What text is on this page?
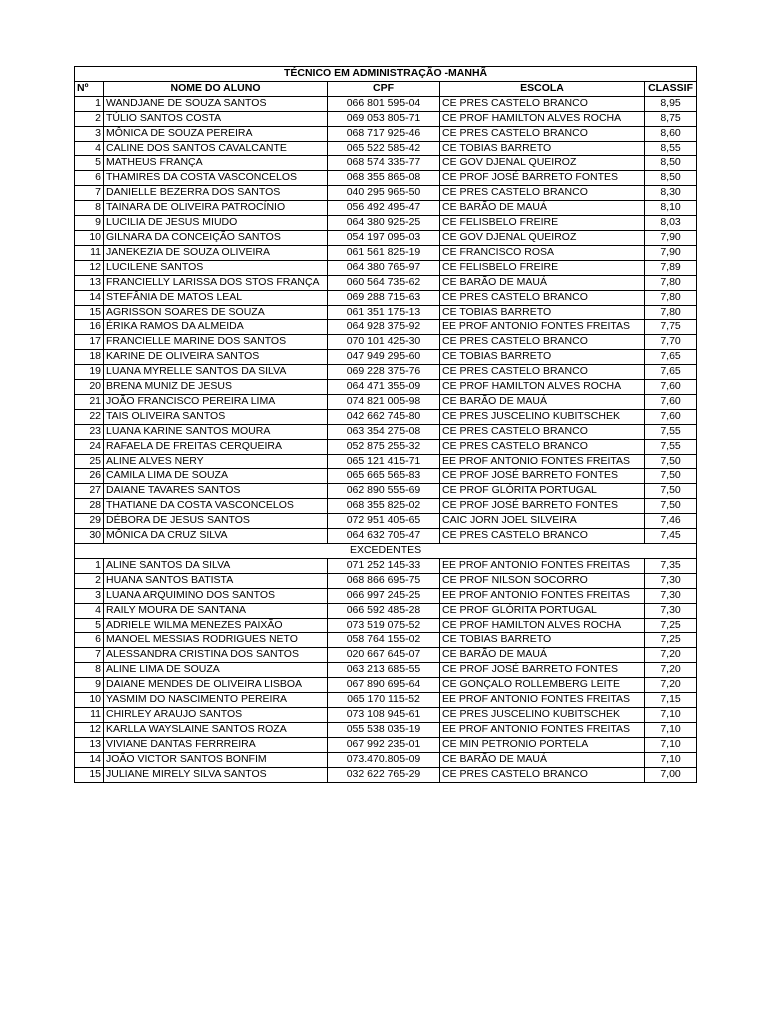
TÉCNICO EM ADMINISTRAÇÃO -MANHÃ				
Nº	NOME DO ALUNO	CPF	ESCOLA	CLASSIF
1	WANDJANE DE SOUZA SANTOS	066 801 595-04	CE PRES CASTELO BRANCO	8,95
2	TÚLIO SANTOS COSTA	069 053 805-71	CE PROF HAMILTON ALVES ROCHA	8,75
3	MÔNICA DE SOUZA PEREIRA	068 717 925-46	CE PRES CASTELO BRANCO	8,60
4	CALINE DOS SANTOS CAVALCANTE	065 522 585-42	CE TOBIAS BARRETO	8,55
5	MATHEUS FRANÇA	068 574 335-77	CE GOV DJENAL QUEIROZ	8,50
6	THAMIRES DA COSTA VASCONCELOS	068 355 865-08	CE PROF JOSÉ BARRETO FONTES	8,50
7	DANIELLE BEZERRA DOS SANTOS	040 295 965-50	CE PRES CASTELO BRANCO	8,30
8	TAINARA DE OLIVEIRA PATROCÍNIO	056 492 495-47	CE BARÃO DE MAUÁ	8,10
9	LUCILIA DE JESUS MIUDO	064 380 925-25	CE FELISBELO FREIRE	8,03
10	GILNARA DA CONCEIÇÃO SANTOS	054 197 095-03	CE GOV DJENAL QUEIROZ	7,90
11	JANEKEZIA DE SOUZA OLIVEIRA	061 561 825-19	CE FRANCISCO ROSA	7,90
12	LUCILENE SANTOS	064 380 765-97	CE FELISBELO FREIRE	7,89
13	FRANCIELLY LARISSA DOS STOS FRANÇA	060 564 735-62	CE BARÃO DE MAUÁ	7,80
14	STEFÂNIA DE MATOS LEAL	069 288 715-63	CE PRES CASTELO BRANCO	7,80
15	AGRISSON SOARES DE SOUZA	061 351 175-13	CE TOBIAS BARRETO	7,80
16	ÉRIKA RAMOS DA ALMEIDA	064 928 375-92	EE PROF ANTONIO FONTES FREITAS	7,75
17	FRANCIELLE MARINE DOS SANTOS	070 101 425-30	CE PRES CASTELO BRANCO	7,70
18	KARINE DE OLIVEIRA SANTOS	047 949 295-60	CE TOBIAS BARRETO	7,65
19	LUANA MYRELLE SANTOS DA SILVA	069 228 375-76	CE PRES CASTELO BRANCO	7,65
20	BRENA MUNIZ DE JESUS	064 471 355-09	CE PROF HAMILTON ALVES ROCHA	7,60
21	JOÃO FRANCISCO PEREIRA LIMA	074 821 005-98	CE BARÃO DE MAUÁ	7,60
22	TAIS OLIVEIRA SANTOS	042 662 745-80	CE PRES JUSCELINO KUBITSCHEK	7,60
23	LUANA KARINE SANTOS MOURA	063 354 275-08	CE PRES CASTELO BRANCO	7,55
24	RAFAELA DE FREITAS CERQUEIRA	052 875 255-32	CE PRES CASTELO BRANCO	7,55
25	ALINE ALVES NERY	065 121 415-71	EE PROF ANTONIO FONTES FREITAS	7,50
26	CAMILA LIMA DE SOUZA	065 665 565-83	CE PROF JOSÉ BARRETO FONTES	7,50
27	DAIANE TAVARES SANTOS	062 890 555-69	CE PROF GLÓRITA PORTUGAL	7,50
28	THATIANE DA COSTA VASCONCELOS	068 355 825-02	CE PROF JOSÉ BARRETO FONTES	7,50
29	DÉBORA DE JESUS SANTOS	072 951 405-65	CAIC JORN JOEL SILVEIRA	7,46
30	MÔNICA DA CRUZ SILVA	064 632 705-47	CE PRES CASTELO BRANCO	7,45
EXCEDENTES				
1	ALINE SANTOS DA SILVA	071 252 145-33	EE PROF ANTONIO FONTES FREITAS	7,35
2	HUANA SANTOS BATISTA	068 866 695-75	CE PROF NILSON SOCORRO	7,30
3	LUANA ARQUIMINO DOS SANTOS	066 997 245-25	EE PROF ANTONIO FONTES FREITAS	7,30
4	RAILY MOURA DE SANTANA	066 592 485-28	CE PROF GLÓRITA PORTUGAL	7,30
5	ADRIELE WILMA MENEZES PAIXÃO	073 519 075-52	CE PROF HAMILTON ALVES ROCHA	7,25
6	MANOEL MESSIAS RODRIGUES NETO	058 764 155-02	CE TOBIAS BARRETO	7,25
7	ALESSANDRA CRISTINA DOS SANTOS	020 667 645-07	CE BARÃO DE MAUÁ	7,20
8	ALINE LIMA DE SOUZA	063 213 685-55	CE PROF JOSÉ BARRETO FONTES	7,20
9	DAIANE MENDES DE OLIVEIRA LISBOA	067 890 695-64	CE GONÇALO ROLLEMBERG LEITE	7,20
10	YASMIM DO NASCIMENTO PEREIRA	065 170 115-52	EE PROF ANTONIO FONTES FREITAS	7,15
11	CHIRLEY ARAUJO SANTOS	073 108 945-61	CE PRES JUSCELINO KUBITSCHEK	7,10
12	KARLLA WAYSLAINE SANTOS ROZA	055 538 035-19	EE PROF ANTONIO FONTES FREITAS	7,10
13	VIVIANE DANTAS FERRREIRA	067 992 235-01	CE MIN PETRONIO PORTELA	7,10
14	JOÃO VICTOR SANTOS BONFIM	073.470.805-09	CE BARÃO DE MAUÁ	7,10
15	JULIANE MIRELY SILVA SANTOS	032 622 765-29	CE PRES CASTELO BRANCO	7,00
